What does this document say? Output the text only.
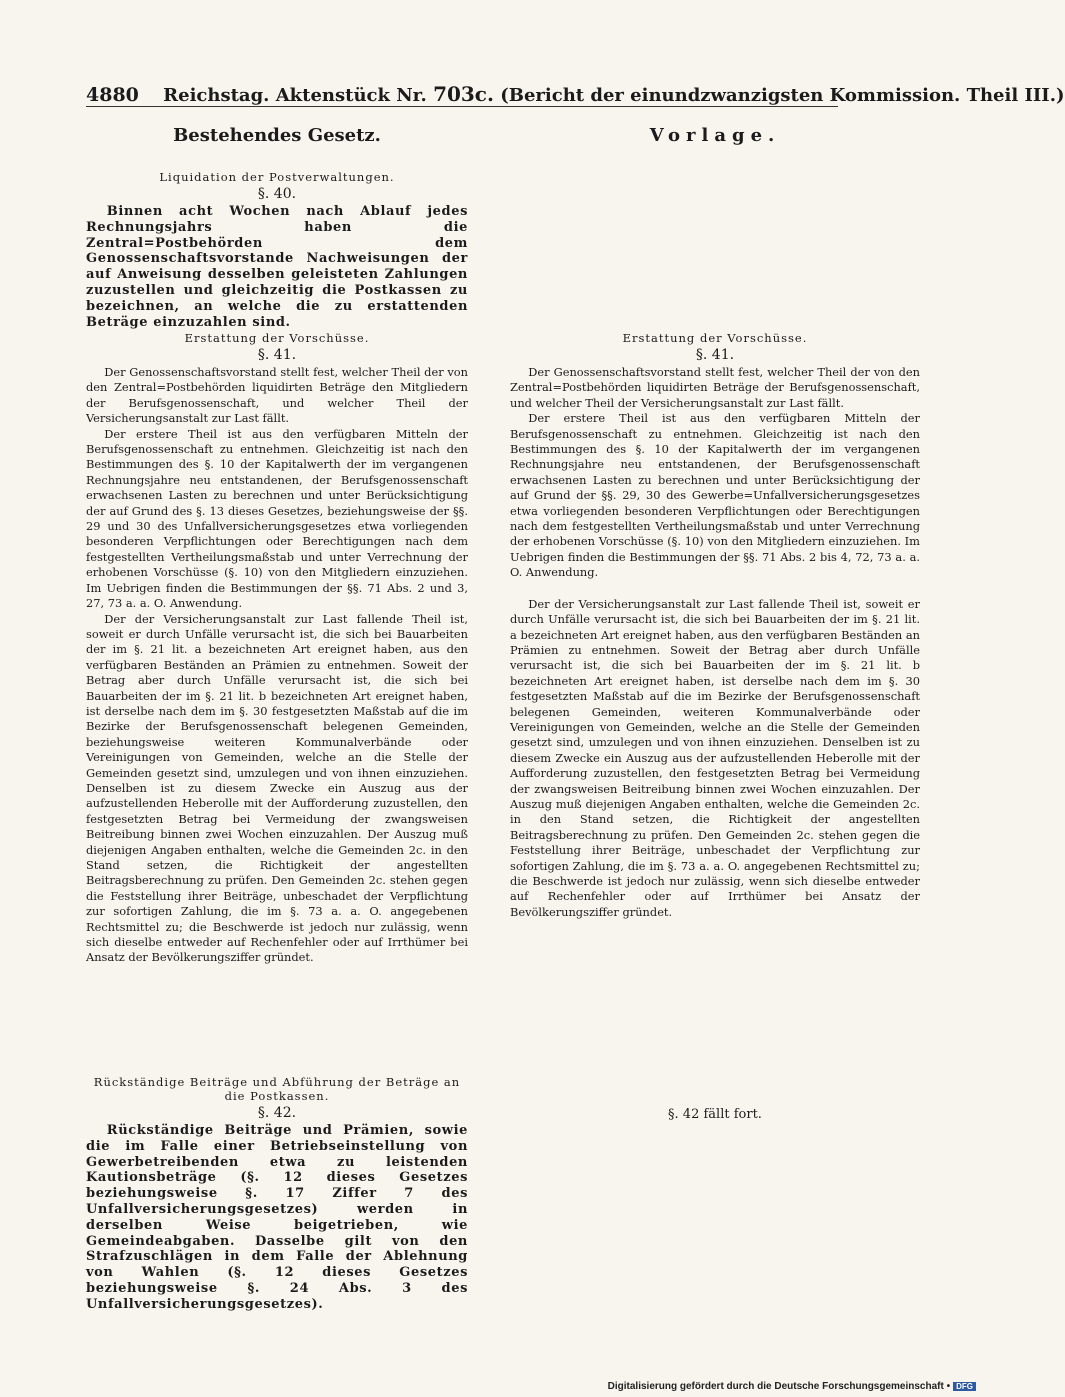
4880 Reichstag. Aktenstück Nr. 703c. (Bericht der einundzwanzigsten Kommission. Theil III.)
Bestehendes Gesetz.
Liquidation der Postverwaltungen.
§. 40.

Binnen acht Wochen nach Ablauf jedes Rechnungsjahrs haben die Zentral=Postbehörden dem Genossenschaftsvorstande Nachweisungen der auf Anweisung desselben geleisteten Zahlungen zuzustellen und gleichzeitig die Postkassen zu bezeichnen, an welche die zu erstattenden Beträge einzuzahlen sind.

Erstattung der Vorschüsse.
§. 41.

Der Genossenschaftsvorstand stellt fest, welcher Theil der von den Zentral=Postbehörden liquidirten Beträge den Mitgliedern der Berufsgenossenschaft, und welcher Theil der Versicherungsanstalt zur Last fällt.

Der erstere Theil ist aus den verfügbaren Mitteln der Berufsgenossenschaft zu entnehmen. Gleichzeitig ist nach den Bestimmungen des §. 10 der Kapitalwerth der im vergangenen Rechnungsjahre neu entstandenen, der Berufsgenossenschaft erwachsenen Lasten zu berechnen und unter Berücksichtigung der auf Grund des §. 13 dieses Gesetzes, beziehungsweise der §§. 29 und 30 des Unfallversicherungsgesetzes etwa vorliegenden besonderen Verpflichtungen oder Berechtigungen nach dem festgestellten Vertheilungsmaßstab und unter Verrechnung der erhobenen Vorschüsse (§. 10) von den Mitgliedern einzuziehen. Im Uebrigen finden die Bestimmungen der §§. 71 Abs. 2 und 3, 27, 73 a. a. O. Anwendung.

Der der Versicherungsanstalt zur Last fallende Theil ist, soweit er durch Unfälle verursacht ist, die sich bei Bauarbeiten der im §. 21 lit. a bezeichneten Art ereignet haben, aus den verfügbaren Beständen an Prämien zu entnehmen. Soweit der Betrag aber durch Unfälle verursacht ist, die sich bei Bauarbeiten der im §. 21 lit. b bezeichneten Art ereignet haben, ist derselbe nach dem im §. 30 festgesetzten Maßstab auf die im Bezirke der Berufsgenossenschaft belegenen Gemeinden, beziehungsweise weiteren Kommunalverbände oder Vereinigungen von Gemeinden, welche an die Stelle der Gemeinden gesetzt sind, umzulegen und von ihnen einzuziehen. Denselben ist zu diesem Zwecke ein Auszug aus der aufzustellenden Heberolle mit der Aufforderung zuzustellen, den festgesetzten Betrag bei Vermeidung der zwangsweisen Beitreibung binnen zwei Wochen einzuzahlen. Der Auszug muß diejenigen Angaben enthalten, welche die Gemeinden 2c. in den Stand setzen, die Richtigkeit der angestellten Beitragsberechnung zu prüfen. Den Gemeinden 2c. stehen gegen die Feststellung ihrer Beiträge, unbeschadet der Verpflichtung zur sofortigen Zahlung, die im §. 73 a. a. O. angegebenen Rechtsmittel zu; die Beschwerde ist jedoch nur zulässig, wenn sich dieselbe entweder auf Rechenfehler oder auf Irrthümer bei Ansatz der Bevölkerungsziffer gründet.

Rückständige Beiträge und Abführung der Beträge an die Postkassen.
§. 42.

Rückständige Beiträge und Prämien, sowie die im Falle einer Betriebseinstellung von Gewerbetreibenden etwa zu leistenden Kautionsbeträge (§. 12 dieses Gesetzes beziehungsweise §. 17 Ziffer 7 des Unfallversicherungsgesetzes) werden in derselben Weise beigetrieben, wie Gemeindeabgaben. Dasselbe gilt von den Strafzuschlägen in dem Falle der Ablehnung von Wahlen (§. 12 dieses Gesetzes beziehungsweise §. 24 Abs. 3 des Unfallversicherungsgesetzes).

Vorlage.
Erstattung der Vorschüsse.
§. 41.

Der Genossenschaftsvorstand stellt fest, welcher Theil der von den Zentral=Postbehörden liquidirten Beträge der Berufsgenossenschaft, und welcher Theil der Versicherungsanstalt zur Last fällt.

Der erstere Theil ist aus den verfügbaren Mitteln der Berufsgenossenschaft zu entnehmen. Gleichzeitig ist nach den Bestimmungen des §. 10 der Kapitalwerth der im vergangenen Rechnungsjahre neu entstandenen, der Berufsgenossenschaft erwachsenen Lasten zu berechnen und unter Berücksichtigung der auf Grund der §§. 29, 30 des Gewerbe=Unfallversicherungsgesetzes etwa vorliegenden besonderen Verpflichtungen oder Berechtigungen nach dem festgestellten Vertheilungsmaßstab und unter Verrechnung der erhobenen Vorschüsse (§. 10) von den Mitgliedern einzuziehen. Im Uebrigen finden die Bestimmungen der §§. 71 Abs. 2 bis 4, 72, 73 a. a. O. Anwendung.

Der der Versicherungsanstalt zur Last fallende Theil ist, soweit er durch Unfälle verursacht ist, die sich bei Bauarbeiten der im §. 21 lit. a bezeichneten Art ereignet haben, aus den verfügbaren Beständen an Prämien zu entnehmen. Soweit der Betrag aber durch Unfälle verursacht ist, die sich bei Bauarbeiten der im §. 21 lit. b bezeichneten Art ereignet haben, ist derselbe nach dem im §. 30 festgesetzten Maßstab auf die im Bezirke der Berufsgenossenschaft belegenen Gemeinden, weiteren Kommunalverbände oder Vereinigungen von Gemeinden, welche an die Stelle der Gemeinden gesetzt sind, umzulegen und von ihnen einzuziehen. Denselben ist zu diesem Zwecke ein Auszug aus der aufzustellenden Heberolle mit der Aufforderung zuzustellen, den festgesetzten Betrag bei Vermeidung der zwangsweisen Beitreibung binnen zwei Wochen einzuzahlen. Der Auszug muß diejenigen Angaben enthalten, welche die Gemeinden 2c. in den Stand setzen, die Richtigkeit der angestellten Beitragsberechnung zu prüfen. Den Gemeinden 2c. stehen gegen die Feststellung ihrer Beiträge, unbeschadet der Verpflichtung zur sofortigen Zahlung, die im §. 73 a. a. O. angegebenen Rechtsmittel zu; die Beschwerde ist jedoch nur zulässig, wenn sich dieselbe entweder auf Rechenfehler oder auf Irrthümer bei Ansatz der Bevölkerungsziffer gründet.

§. 42 fällt fort.
Digitalisierung gefördert durch die Deutsche Forschungsgemeinschaft • DFG
